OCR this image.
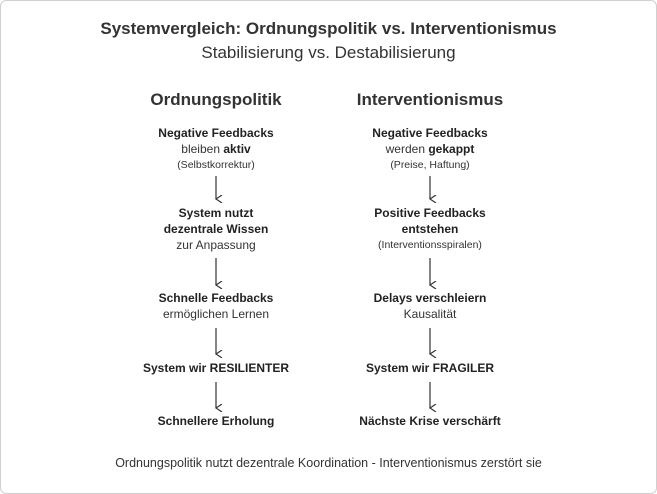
Systemvergleich: Ordnungspolitik vs. Interventionismus
Stabilisierung vs. Destabilisierung
Ordnungspolitik	Interventionismus
Negative Feedbacks
bleiben aktiv
(Selbstkorrektur)
System nutzt
dezentrale Wissen
zur Anpassung
Schnelle Feedbacks
ermöglichen Lernen
System wir RESILIENTER
Schnellere Erholung
Negative Feedbacks
werden gekappt
(Preise, Haftung)
Positive Feedbacks
entstehen
(Interventionsspiralen)
Delays verschleiern
Kausalität
System wir FRAGILER
Nächste Krise verschärft
Ordnungspolitik nutzt dezentrale Koordination - Interventionismus zerstört sie
